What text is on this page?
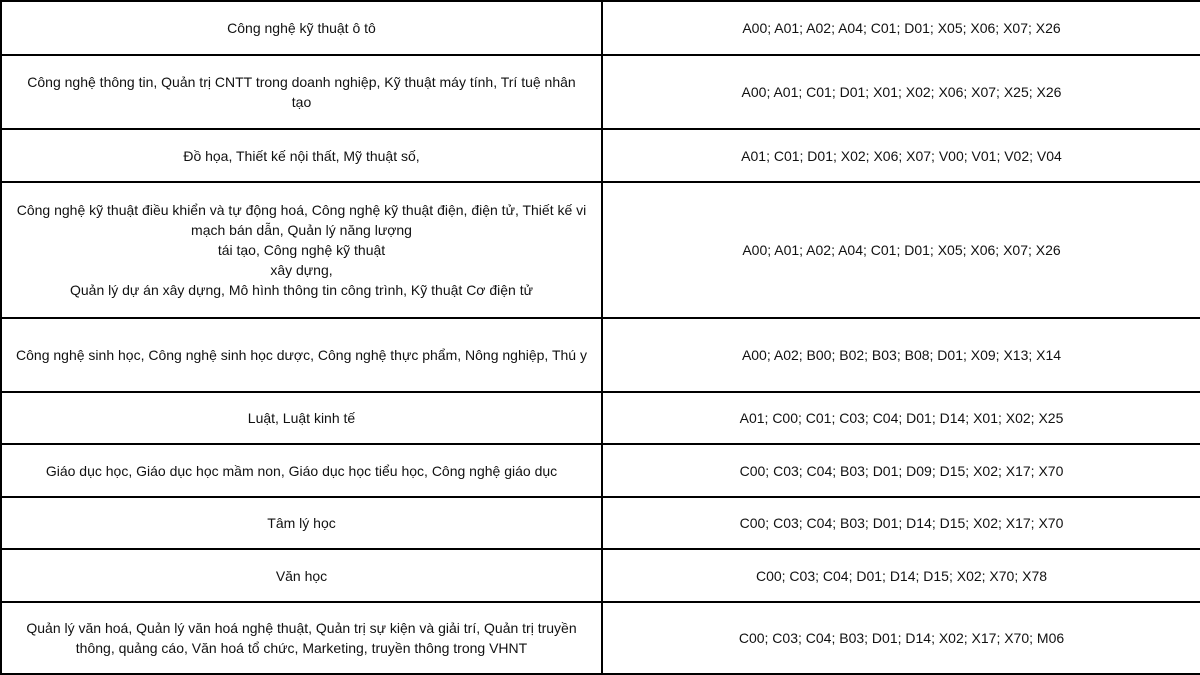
Công nghệ kỹ thuật ô tô	A00; A01; A02; A04; C01; D01; X05; X06; X07; X26
Công nghệ thông tin, Quản trị CNTT trong doanh nghiệp, Kỹ thuật máy tính, Trí tuệ nhân tạo	A00; A01; C01; D01; X01; X02; X06; X07; X25; X26
Đồ họa, Thiết kế nội thất, Mỹ thuật số,	A01; C01; D01; X02; X06; X07; V00; V01; V02; V04
Công nghệ kỹ thuật điều khiển và tự động hoá, Công nghệ kỹ thuật điện, điện tử, Thiết kế vi mạch bán dẫn, Quản lý năng lượng
tái tạo, Công nghệ kỹ thuật
xây dựng,
Quản lý dự án xây dựng, Mô hình thông tin công trình, Kỹ thuật Cơ điện tử	A00; A01; A02; A04; C01; D01; X05; X06; X07; X26
Công nghệ sinh học, Công nghệ sinh học dược, Công nghệ thực phẩm, Nông nghiệp, Thú y	A00; A02; B00; B02; B03; B08; D01; X09; X13; X14
Luật, Luật kinh tế	A01; C00; C01; C03; C04; D01; D14; X01; X02; X25
Giáo dục học, Giáo dục học mầm non, Giáo dục học tiểu học, Công nghệ giáo dục	C00; C03; C04; B03; D01; D09; D15; X02; X17; X70
Tâm lý học	C00; C03; C04; B03; D01; D14; D15; X02; X17; X70
Văn học	C00; C03; C04; D01; D14; D15; X02; X70; X78
Quản lý văn hoá, Quản lý văn hoá nghệ thuật, Quản trị sự kiện và giải trí, Quản trị truyền thông, quảng cáo, Văn hoá tổ chức, Marketing, truyền thông trong VHNT	C00; C03; C04; B03; D01; D14; X02; X17; X70; M06
